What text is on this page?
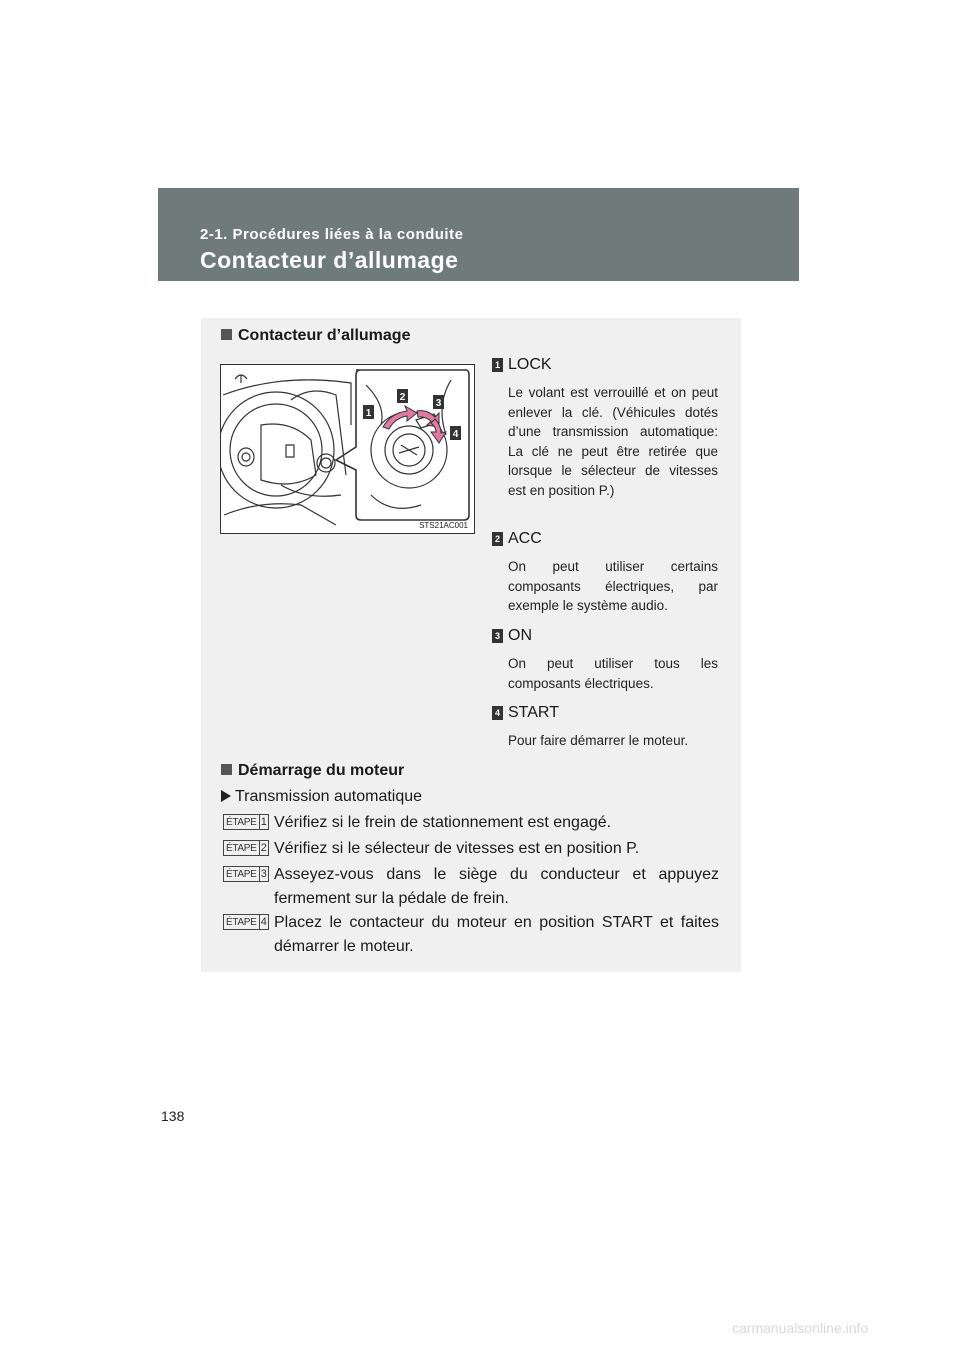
2-1. Procédures liées à la conduite
Contacteur d’allumage
Contacteur d’allumage
1
2
3
4
STS21AC001
1 LOCK
Le volant est verrouillé et on peut enlever la clé. (Véhicules dotés d’une transmission automatique: La clé ne peut être retirée que lorsque le sélecteur de vitesses est en position P.)
2 ACC
On peut utiliser certains composants électriques, par exemple le système audio.
3 ON
On peut utiliser tous les composants électriques.
4 START
Pour faire démarrer le moteur.
Démarrage du moteur
Transmission automatique
ÉTAPE 1 Vérifiez si le frein de stationnement est engagé.
ÉTAPE 2 Vérifiez si le sélecteur de vitesses est en position P.
ÉTAPE 3 Asseyez-vous dans le siège du conducteur et appuyez fermement sur la pédale de frein.
ÉTAPE 4 Placez le contacteur du moteur en position START et faites démarrer le moteur.
138
carmanualsonline.info
